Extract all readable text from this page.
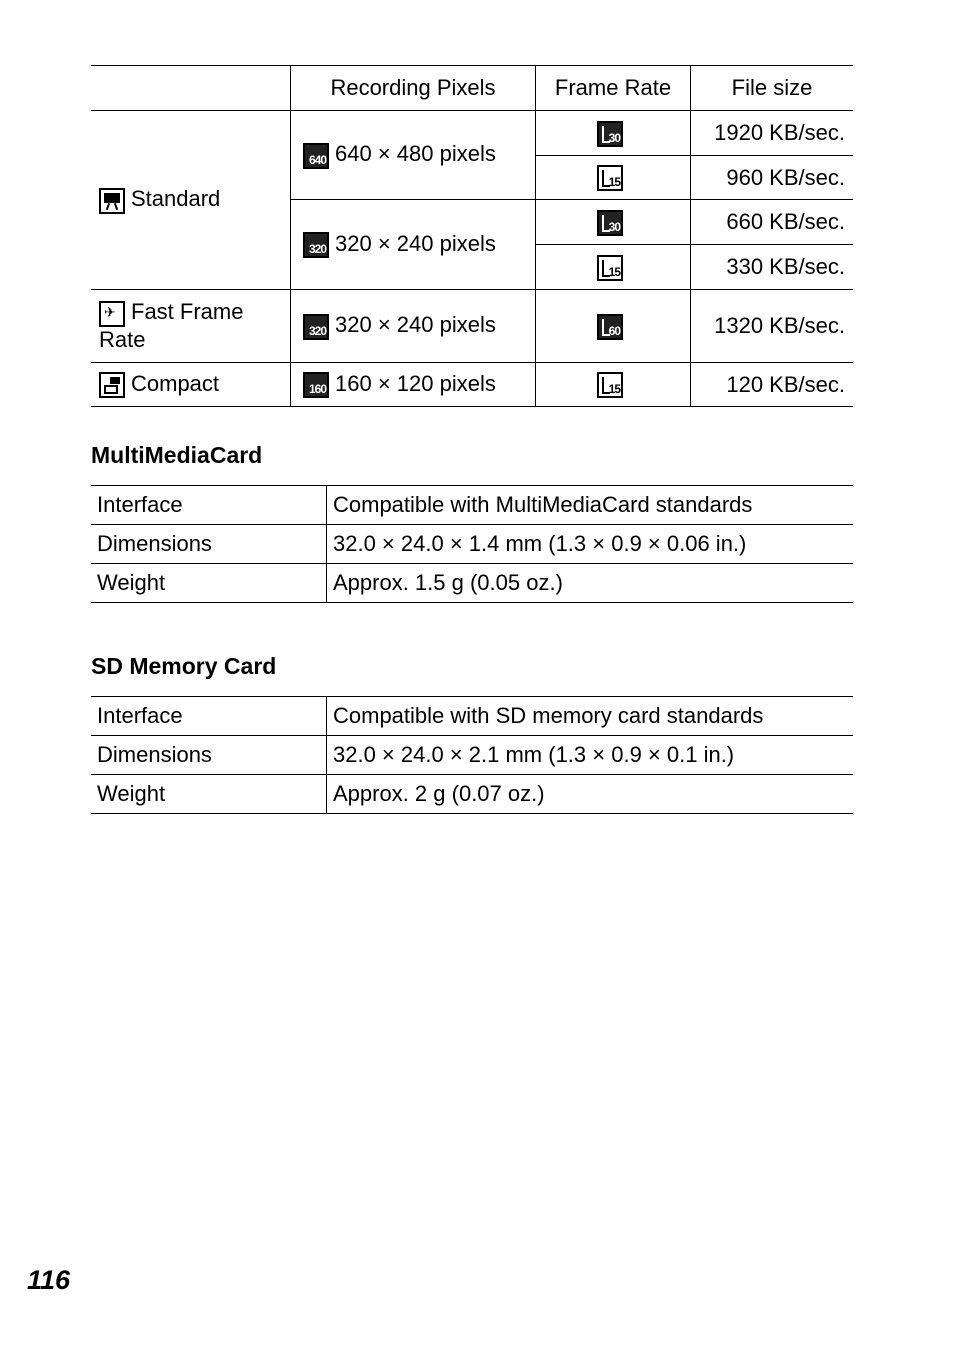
	Recording Pixels	Frame Rate	File size

Standard	640 640 × 480 pixels	30	1920 KB/sec.

		15	960 KB/sec.

	320 320 × 240 pixels	30	660 KB/sec.

		15	330 KB/sec.

✈ Fast Frame Rate	320 320 × 240 pixels	60	1320 KB/sec.

Compact	160 160 × 120 pixels	15	120 KB/sec.
MultiMediaCard
Interface	Compatible with MultiMediaCard standards
Dimensions	32.0 × 24.0 × 1.4 mm (1.3 × 0.9 × 0.06 in.)
Weight	Approx. 1.5 g (0.05 oz.)
SD Memory Card
Interface	Compatible with SD memory card standards
Dimensions	32.0 × 24.0 × 2.1 mm (1.3 × 0.9 × 0.1 in.)
Weight	Approx. 2 g (0.07 oz.)
116
